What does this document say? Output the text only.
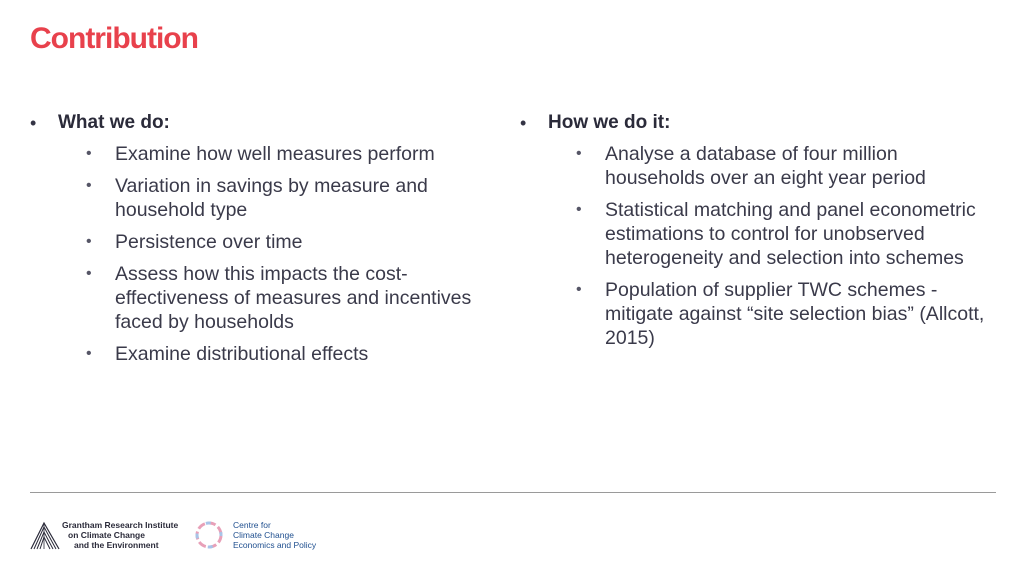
Contribution
•	What we do:
•	Examine how well measures perform
•	Variation in savings by measure and household type
•	Persistence over time
•	Assess how this impacts the cost-effectiveness of measures and incentives faced by households
•	Examine distributional effects
•	How we do it:
•	Analyse a database of four million households over an eight year period
•	Statistical matching and panel econometric estimations to control for unobserved heterogeneity and selection into schemes
•	Population of supplier TWC schemes - mitigate against “site selection bias” (Allcott, 2015)
Grantham Research Institute
on Climate Change
and the Environment
Centre for
Climate Change
Economics and Policy
